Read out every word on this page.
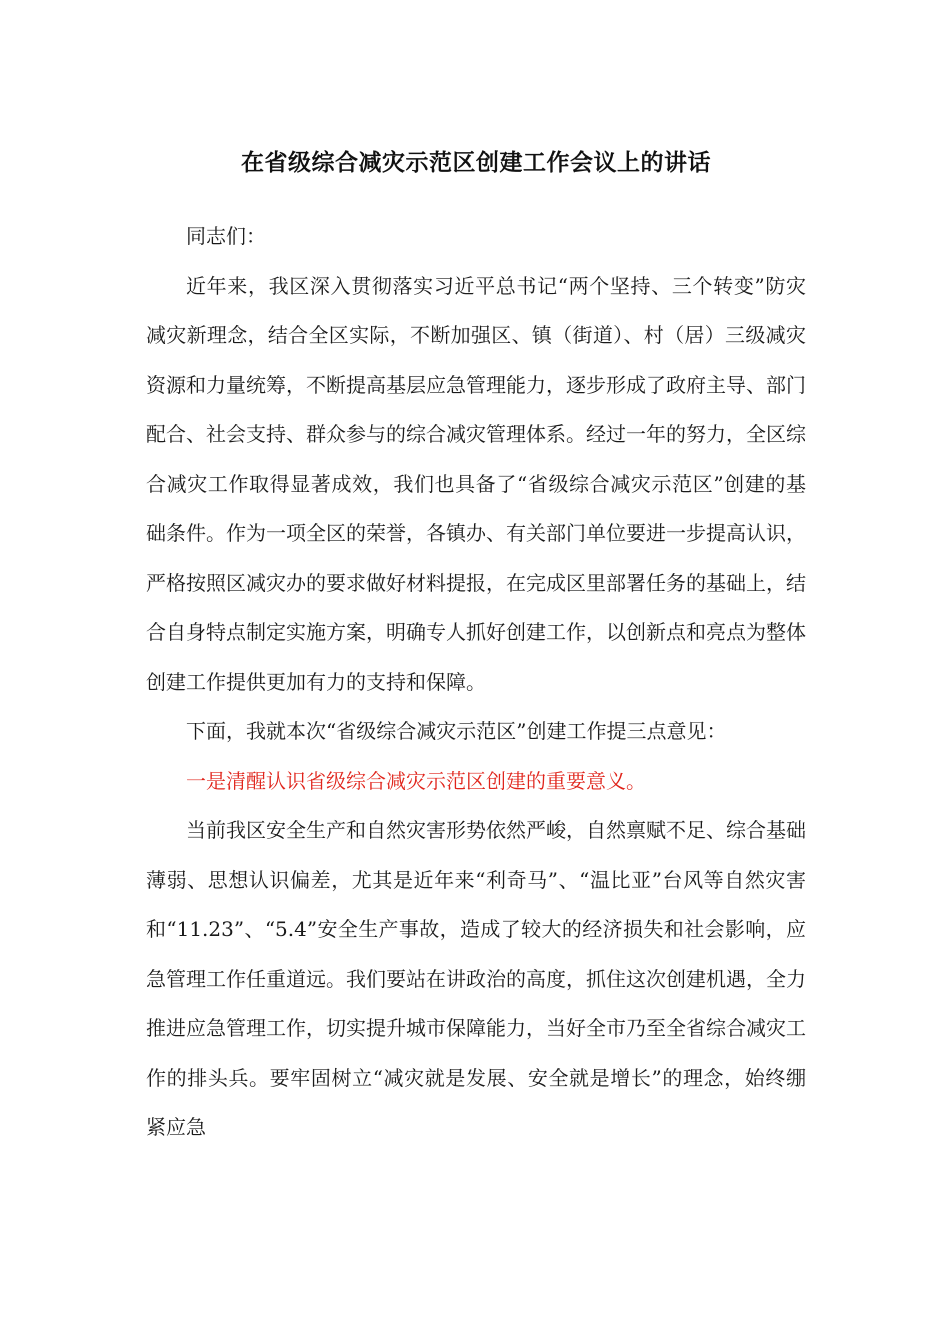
在省级综合减灾示范区创建工作会议上的讲话

同志们：

近年来，我区深入贯彻落实习近平总书记“两个坚持、三个转变”防灾减灾新理念，结合全区实际，不断加强区、镇（街道）、村（居）三级减灾资源和力量统筹，不断提高基层应急管理能力，逐步形成了政府主导、部门配合、社会支持、群众参与的综合减灾管理体系。经过一年的努力，全区综合减灾工作取得显著成效，我们也具备了“省级综合减灾示范区”创建的基础条件。作为一项全区的荣誉，各镇办、有关部门单位要进一步提高认识，严格按照区减灾办的要求做好材料提报，在完成区里部署任务的基础上，结合自身特点制定实施方案，明确专人抓好创建工作，以创新点和亮点为整体创建工作提供更加有力的支持和保障。

下面，我就本次“省级综合减灾示范区”创建工作提三点意见：

一是清醒认识省级综合减灾示范区创建的重要意义。

当前我区安全生产和自然灾害形势依然严峻，自然禀赋不足、综合基础薄弱、思想认识偏差，尤其是近年来“利奇马”、“温比亚”台风等自然灾害和“11.23”、“5.4”安全生产事故，造成了较大的经济损失和社会影响，应急管理工作任重道远。我们要站在讲政治的高度，抓住这次创建机遇，全力推进应急管理工作，切实提升城市保障能力，当好全市乃至全省综合减灾工作的排头兵。要牢固树立“减灾就是发展、安全就是增长”的理念，始终绷紧应急
